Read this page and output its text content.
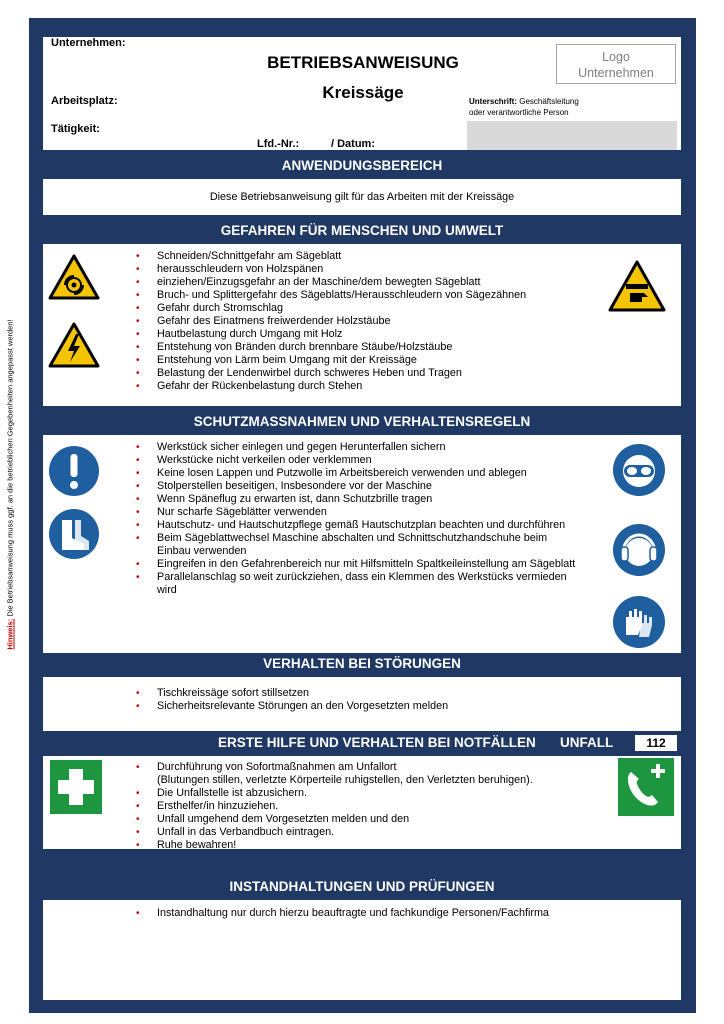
Hinweis: Die Betriebsanweisung muss ggf. an die betrieblichen Gegebenheiten angepasst werden!
Unternehmen:
Arbeitsplatz:
Tätigkeit:
BETRIEBSANWEISUNG
Kreissäge
Lfd.-Nr.:	/ Datum:
Logo
Unternehmen
Unterschrift: Geschäftsleitung
oder verantwortliche Person
ANWENDUNGSBEREICH
Diese Betriebsanweisung gilt für das Arbeiten mit der Kreissäge
GEFAHREN FÜR MENSCHEN UND UMWELT
• Schneiden/Schnittgefahr am Sägeblatt
• herausschleudern von Holzspänen
• einziehen/Einzugsgefahr an der Maschine/dem bewegten Sägeblatt
• Bruch- und Splittergefahr des Sägeblatts/Herausschleudern von Sägezähnen
• Gefahr durch Stromschlag
• Gefahr des Einatmens freiwerdender Holzstäube
• Hautbelastung durch Umgang mit Holz
• Entstehung von Bränden durch brennbare Stäube/Holzstäube
• Entstehung von Lärm beim Umgang mit der Kreissäge
• Belastung der Lendenwirbel durch schweres Heben und Tragen
• Gefahr der Rückenbelastung durch Stehen
SCHUTZMASSNAHMEN UND VERHALTENSREGELN
• Werkstück sicher einlegen und gegen Herunterfallen sichern
• Werkstücke nicht verkeilen oder verklemmen
• Keine losen Lappen und Putzwolle im Arbeitsbereich verwenden und ablegen
• Stolperstellen beseitigen, Insbesondere vor der Maschine
• Wenn Späneflug zu erwarten ist, dann Schutzbrille tragen
• Nur scharfe Sägeblätter verwenden
• Hautschutz- und Hautschutzpflege gemäß Hautschutzplan beachten und durchführen
• Beim Sägeblattwechsel Maschine abschalten und Schnittschutzhandschuhe beim Einbau verwenden
• Eingreifen in den Gefahrenbereich nur mit Hilfsmitteln Spaltkeileinstellung am Sägeblatt
• Parallelanschlag so weit zurückziehen, dass ein Klemmen des Werkstücks vermieden wird
VERHALTEN BEI STÖRUNGEN
• Tischkreissäge sofort stillsetzen
• Sicherheitsrelevante Störungen an den Vorgesetzten melden
ERSTE HILFE UND VERHALTEN BEI NOTFÄLLEN UNFALL	112
• Durchführung von Sofortmaßnahmen am Unfallort
(Blutungen stillen, verletzte Körperteile ruhigstellen, den Verletzten beruhigen).
• Die Unfallstelle ist abzusichern.
• Ersthelfer/in hinzuziehen.
• Unfall umgehend dem Vorgesetzten melden und den
• Unfall in das Verbandbuch eintragen.
• Ruhe bewahren!
INSTANDHALTUNGEN UND PRÜFUNGEN
• Instandhaltung nur durch hierzu beauftragte und fachkundige Personen/Fachfirma
